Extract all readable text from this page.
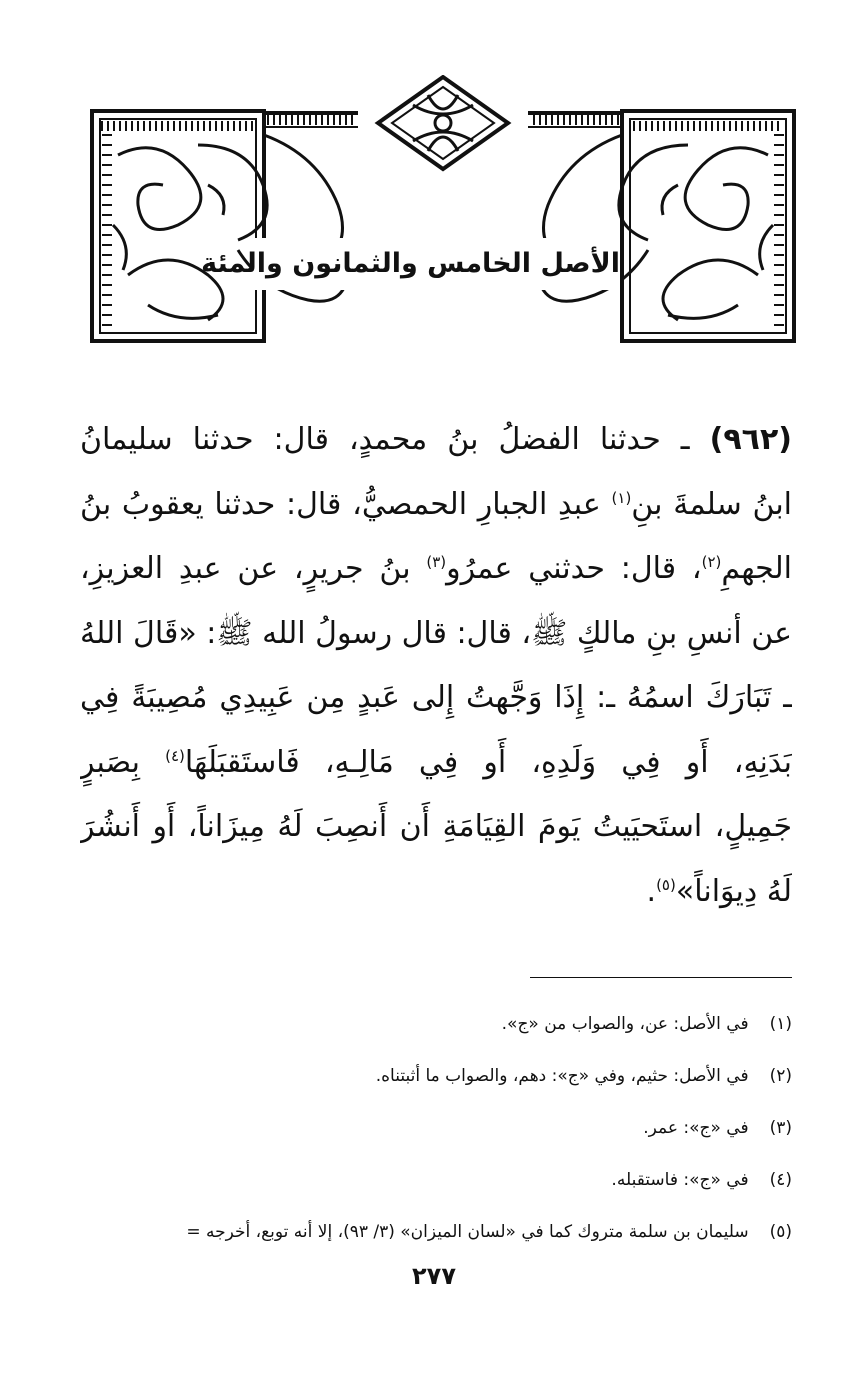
الأصل الخامس والثمانون والمئة
(٩٦٢) ـ حدثنا الفضلُ بنُ محمدٍ، قال: حدثنا سليمانُ
ابنُ سلمةَ بنِ$^{(١)}$ عبدِ الجبارِ الحمصيُّ، قال: حدثنا يعقوبُ بنُ
الجهمِ$^{(٢)}$، قال: حدثني عمرُو$^{(٣)}$ بنُ جريرٍ، عن عبدِ العزيزِ،
عن أنسِ بنِ مالكٍ ﷺ، قال: قال رسولُ الله ﷺ: «قَالَ اللهُ
ـ تَبَارَكَ اسمُهُ ـ: إِذَا وَجَّهتُ إِلى عَبدٍ مِن عَبِيدِي مُصِيبَةً فِي
بَدَنِهِ، أَو فِي وَلَدِهِ، أَو فِي مَالِـهِ، فَاستَقبَلَهَا$^{(٤)}$ بِصَبرٍ
جَمِيلٍ، استَحيَيتُ يَومَ القِيَامَةِ أَن أَنصِبَ لَهُ مِيزَاناً، أَو أَنشُرَ
لَهُ دِيوَاناً»$^{(٥)}$.
(١) في الأصل: عن، والصواب من «ج».
(٢) في الأصل: حثيم، وفي «ج»: دهم، والصواب ما أثبتناه.
(٣) في «ج»: عمر.
(٤) في «ج»: فاستقبله.
(٥) سليمان بن سلمة متروك كما في «لسان الميزان» (٣/ ٩٣)، إلا أنه توبع، أخرجه =
٢٧٧
